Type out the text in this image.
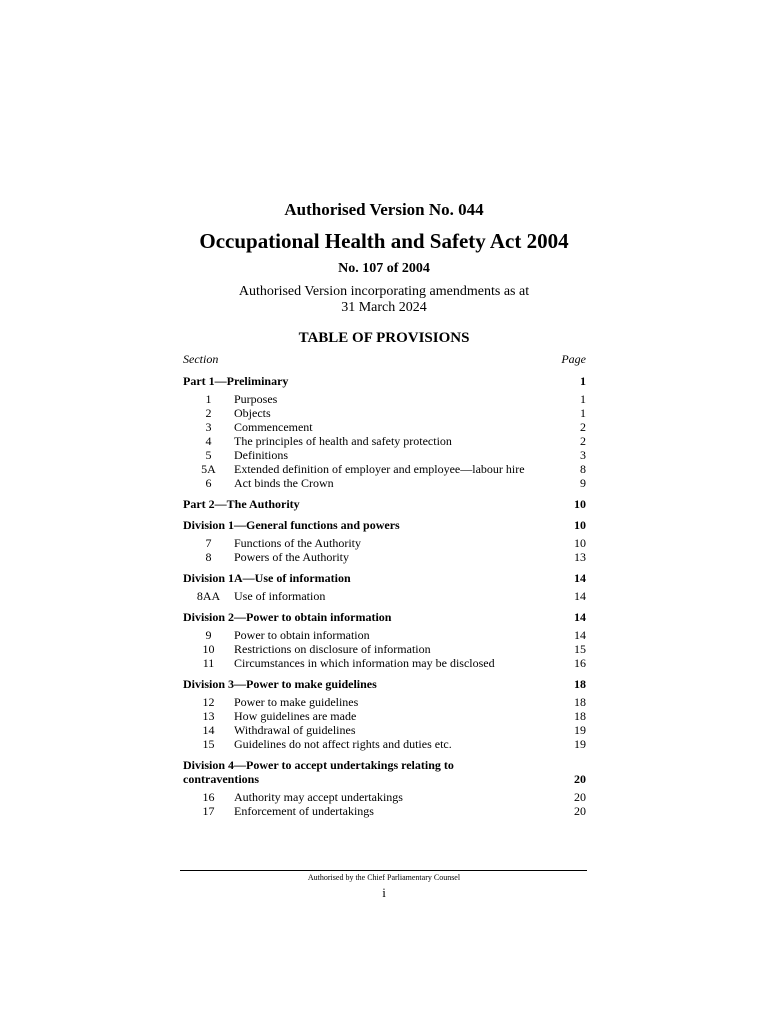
Authorised Version No. 044
Occupational Health and Safety Act 2004
No. 107 of 2004
Authorised Version incorporating amendments as at
31 March 2024
TABLE OF PROVISIONS
Section	Page
Part 1—Preliminary	1
1	Purposes	1
2	Objects	1
3	Commencement	2
4	The principles of health and safety protection	2
5	Definitions	3
5A	Extended definition of employer and employee—labour hire	8
6	Act binds the Crown	9
Part 2—The Authority	10
Division 1—General functions and powers	10
7	Functions of the Authority	10
8	Powers of the Authority	13
Division 1A—Use of information	14
8AA	Use of information	14
Division 2—Power to obtain information	14
9	Power to obtain information	14
10	Restrictions on disclosure of information	15
11	Circumstances in which information may be disclosed	16
Division 3—Power to make guidelines	18
12	Power to make guidelines	18
13	How guidelines are made	18
14	Withdrawal of guidelines	19
15	Guidelines do not affect rights and duties etc.	19
Division 4—Power to accept undertakings relating to contraventions	20
16	Authority may accept undertakings	20
17	Enforcement of undertakings	20
Authorised by the Chief Parliamentary Counsel
i
